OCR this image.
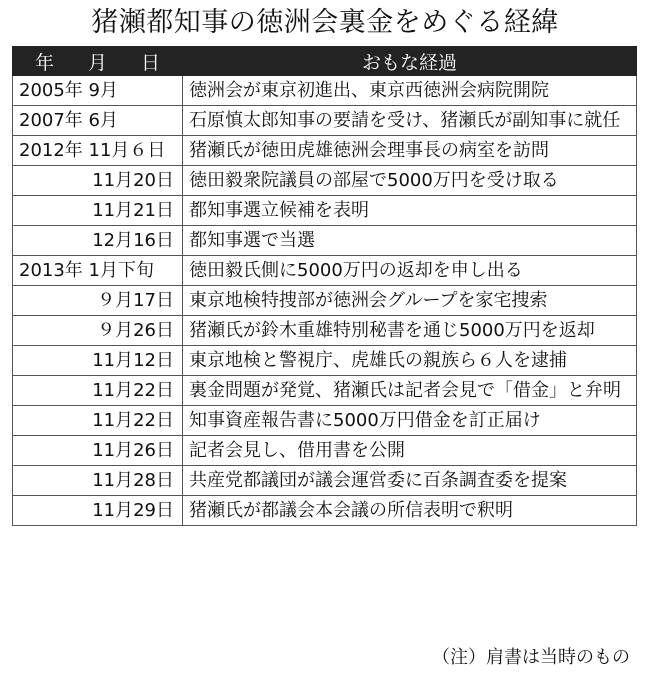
猪瀬都知事の徳洲会裏金をめぐる経緯
年 月 日	おもな経過
2005年 9月	徳洲会が東京初進出、東京西徳洲会病院開院
2007年 6月	石原慎太郎知事の要請を受け、猪瀬氏が副知事に就任
2012年 11月６日	猪瀬氏が徳田虎雄徳洲会理事長の病室を訪問
11月20日	徳田毅衆院議員の部屋で5000万円を受け取る
11月21日	都知事選立候補を表明
12月16日	都知事選で当選
2013年 1月下旬	徳田毅氏側に5000万円の返却を申し出る
９月17日	東京地検特捜部が徳洲会グループを家宅捜索
９月26日	猪瀬氏が鈴木重雄特別秘書を通じ5000万円を返却
11月12日	東京地検と警視庁、虎雄氏の親族ら６人を逮捕
11月22日	裏金問題が発覚、猪瀬氏は記者会見で「借金」と弁明
11月22日	知事資産報告書に5000万円借金を訂正届け
11月26日	記者会見し、借用書を公開
11月28日	共産党都議団が議会運営委に百条調査委を提案
11月29日	猪瀬氏が都議会本会議の所信表明で釈明
（注）肩書は当時のもの
